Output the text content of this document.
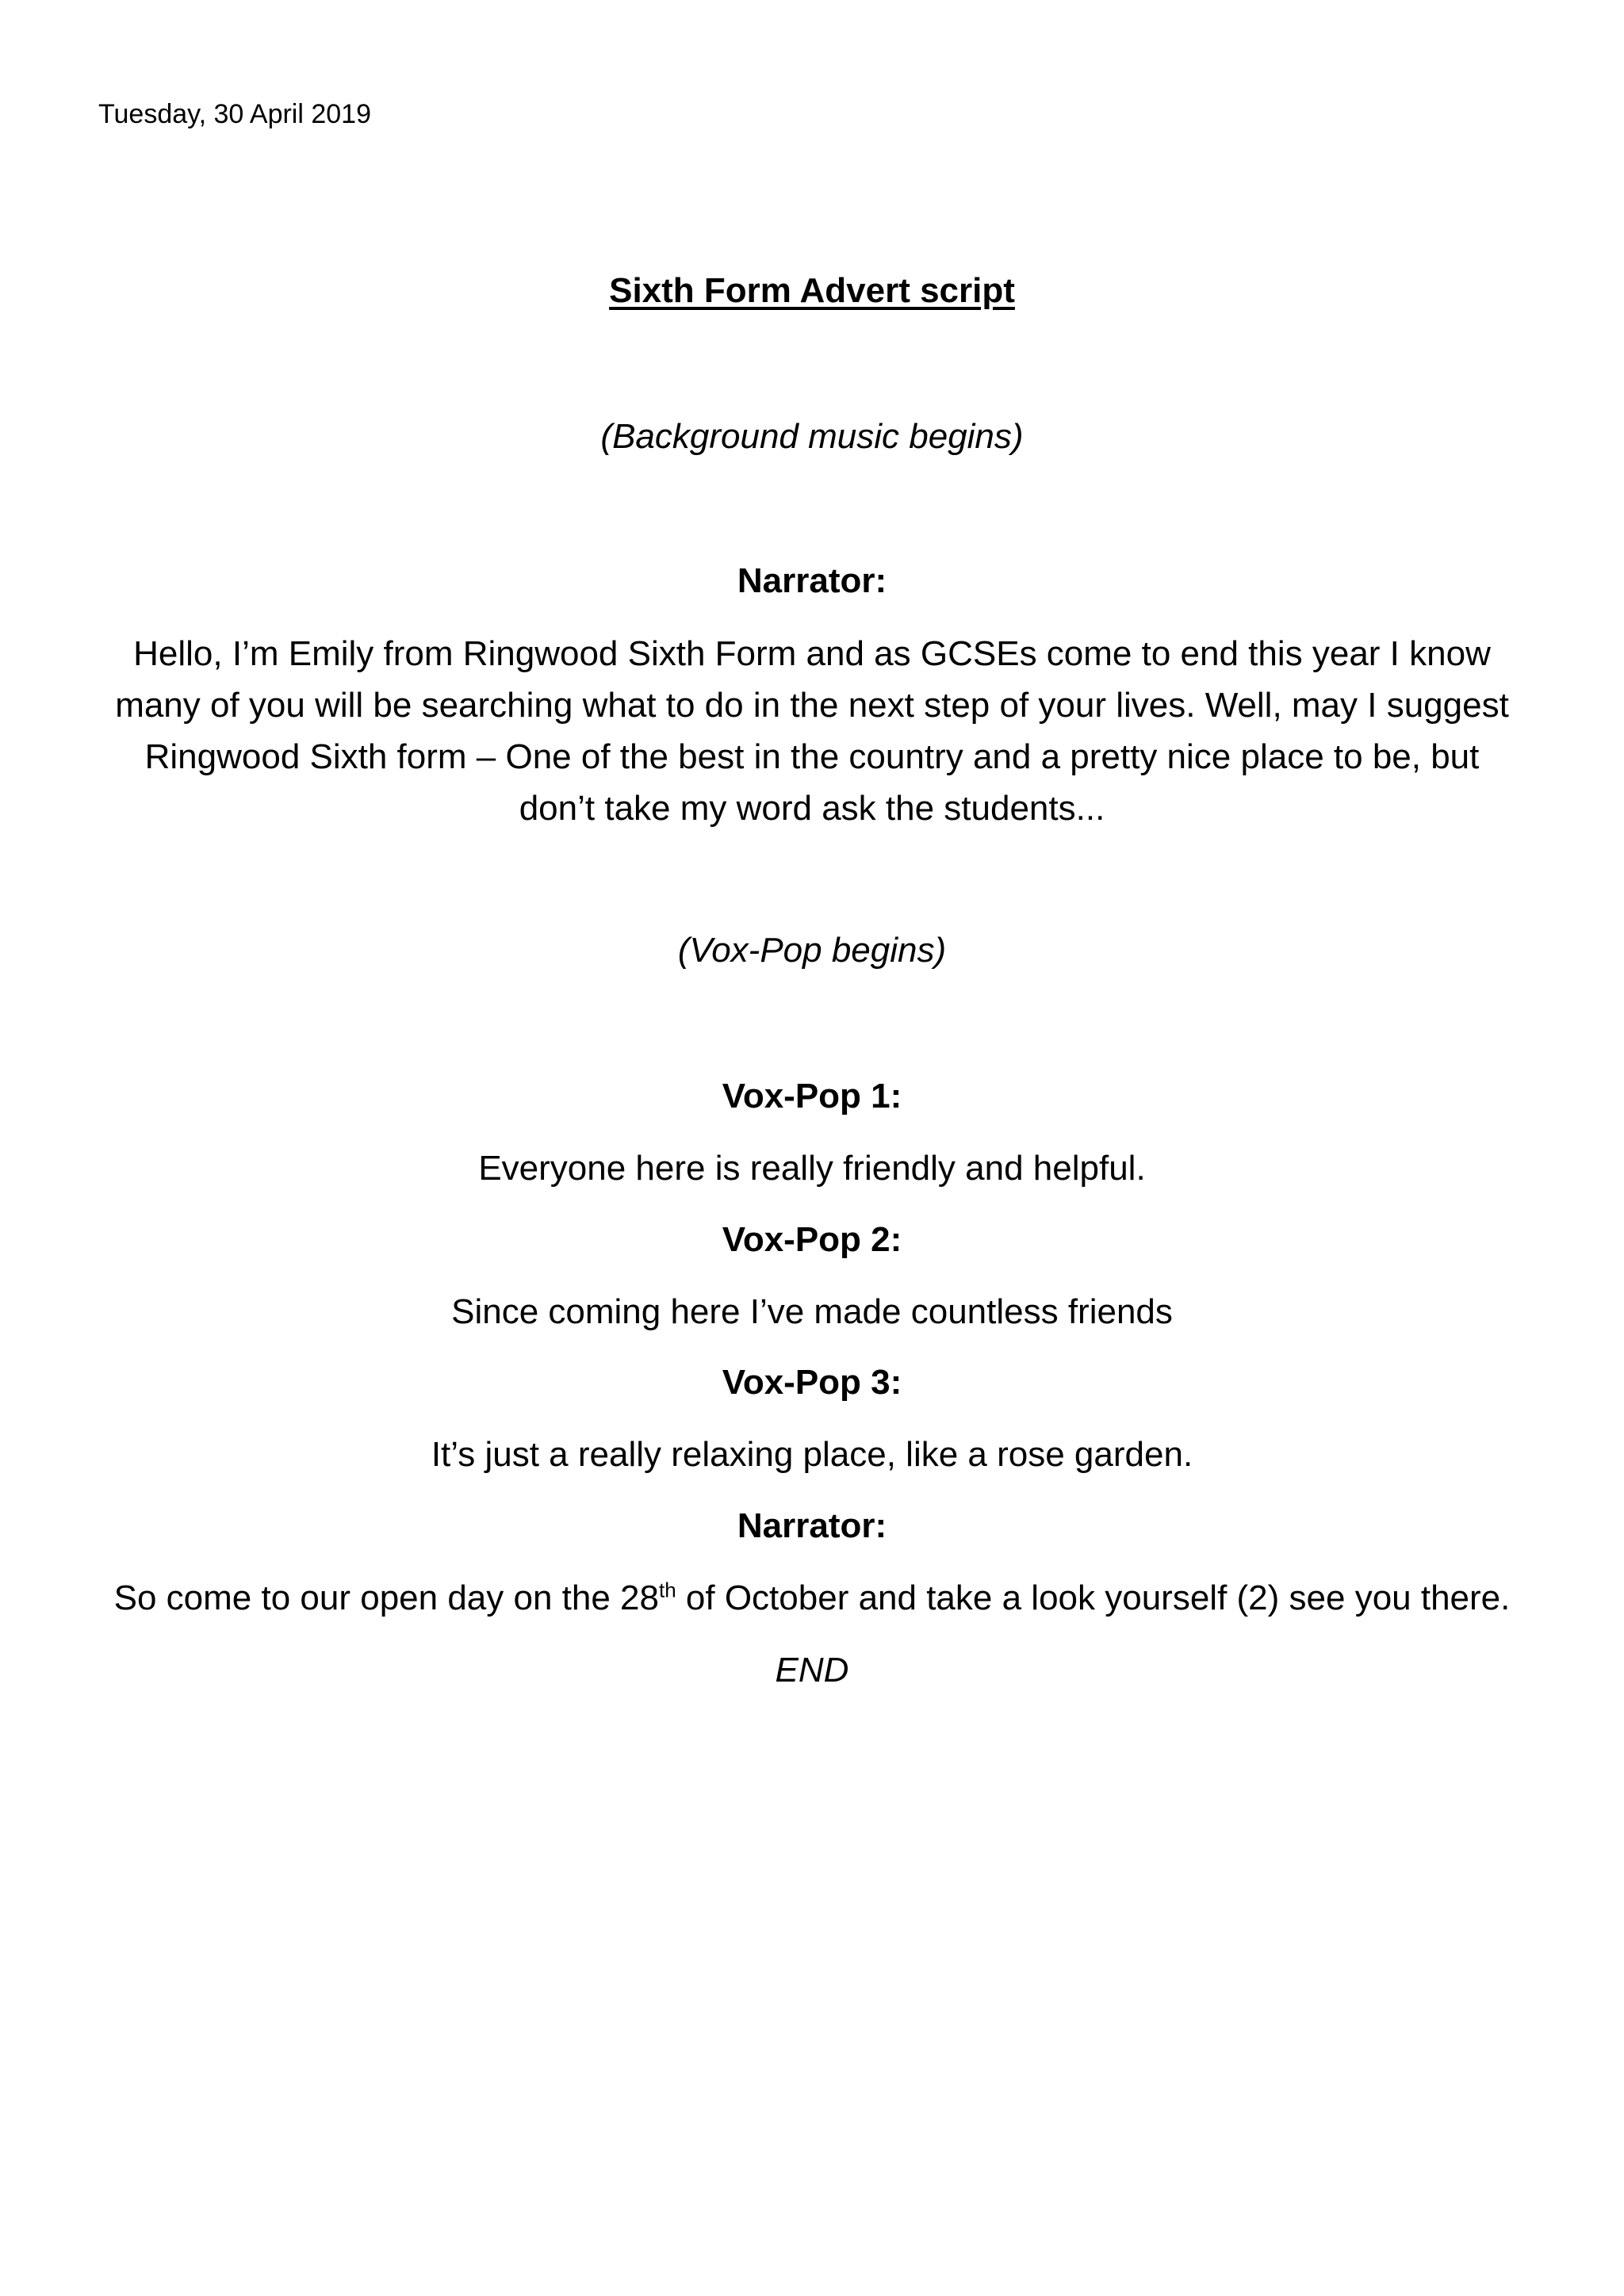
Tuesday, 30 April 2019
Sixth Form Advert script
(Background music begins)
Narrator:
Hello, I’m Emily from Ringwood Sixth Form and as GCSEs come to end this year I know
many of you will be searching what to do in the next step of your lives. Well, may I suggest
Ringwood Sixth form – One of the best in the country and a pretty nice place to be, but
don’t take my word ask the students...
(Vox-Pop begins)
Vox-Pop 1:
Everyone here is really friendly and helpful.
Vox-Pop 2:
Since coming here I’ve made countless friends
Vox-Pop 3:
It’s just a really relaxing place, like a rose garden.
Narrator:
So come to our open day on the 28th of October and take a look yourself (2) see you there.
END
